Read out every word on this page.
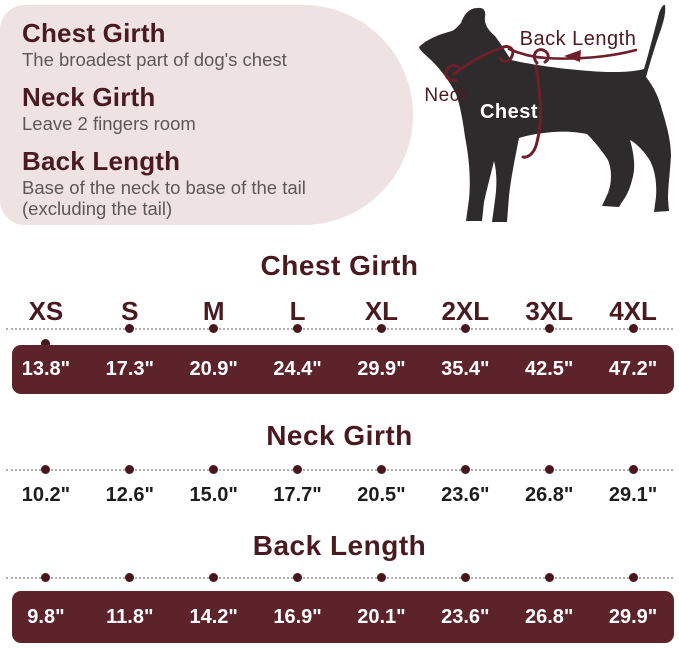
Chest Girth

The broadest part of dog's chest

Neck Girth

Leave 2 fingers room

Back Length

Base of the neck to base of the tail (excluding the tail)

Back Length
Neck
Chest
Chest Girth
XS	S	M	L	XL	2XL	3XL	4XL
13.8"	17.3"	20.9"	24.4"	29.9"	35.4"	42.5"	47.2"
Neck Girth
10.2"	12.6"	15.0"	17.7"	20.5"	23.6"	26.8"	29.1"
Back Length
9.8"	11.8"	14.2"	16.9"	20.1"	23.6"	26.8"	29.9"
